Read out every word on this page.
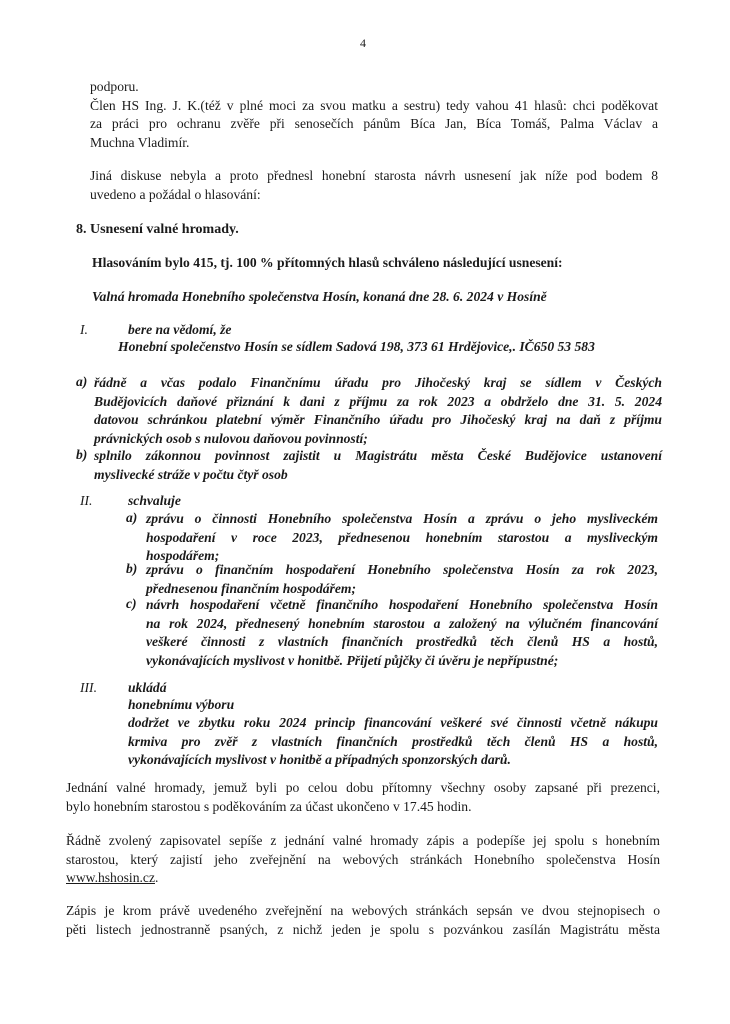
4
podporu.
Člen HS Ing. J. K.(též v plné moci za svou matku a sestru) tedy vahou 41 hlasů: chci poděkovat
za práci pro ochranu zvěře při senosečích pánům Bíca Jan, Bíca Tomáš, Palma Václav a
Muchna Vladimír.
Jiná diskuse nebyla a proto přednesl honební starosta návrh usnesení jak níže pod bodem 8
uvedeno a požádal o hlasování:
8. Usnesení valné hromady.
Hlasováním bylo 415, tj. 100 % přítomných hlasů schváleno následující usnesení:
Valná hromada Honebního společenstva Hosín, konaná dne 28. 6. 2024 v Hosíně
I.	bere na vědomí, že
Honební společenstvo Hosín se sídlem Sadová 198, 373 61 Hrdějovice,. IČ650 53 583
a) řádně a včas podalo Finančnímu úřadu pro Jihočeský kraj se sídlem v Českých
Budějovicích daňové přiznání k dani z příjmu za rok 2023 a obdrželo dne 31. 5. 2024
datovou schránkou platební výměr Finančního úřadu pro Jihočeský kraj na daň z příjmu
právnických osob s nulovou daňovou povinností;
b) splnilo zákonnou povinnost zajistit u Magistrátu města České Budějovice ustanovení
myslivecké stráže v počtu čtyř osob
II.	schvaluje
a) zprávu o činnosti Honebního společenstva Hosín a zprávu o jeho mysliveckém
hospodaření v roce 2023, přednesenou honebním starostou a mysliveckým
hospodářem;
b) zprávu o finančním hospodaření Honebního společenstva Hosín za rok 2023,
přednesenou finančním hospodářem;
c) návrh hospodaření včetně finančního hospodaření Honebního společenstva Hosín
na rok 2024, přednesený honebním starostou a založený na výlučném financování
veškeré činnosti z vlastních finančních prostředků těch členů HS a hostů,
vykonávajících myslivost v honitbě. Přijetí půjčky či úvěru je nepřípustné;
III. ukládá
honebnímu výboru
dodržet ve zbytku roku 2024 princip financování veškeré své činnosti včetně nákupu
krmiva pro zvěř z vlastních finančních prostředků těch členů HS a hostů,
vykonávajících myslivost v honitbě a případných sponzorských darů.
Jednání valné hromady, jemuž byli po celou dobu přítomny všechny osoby zapsané při prezenci,
bylo honebním starostou s poděkováním za účast ukončeno v 17.45 hodin.
Řádně zvolený zapisovatel sepíše z jednání valné hromady zápis a podepíše jej spolu s honebním
starostou, který zajistí jeho zveřejnění na webových stránkách Honebního společenstva Hosín
www.hshosin.cz.
Zápis je krom právě uvedeného zveřejnění na webových stránkách sepsán ve dvou stejnopisech o
pěti listech jednostranně psaných, z nichž jeden je spolu s pozvánkou zasílán Magistrátu města
